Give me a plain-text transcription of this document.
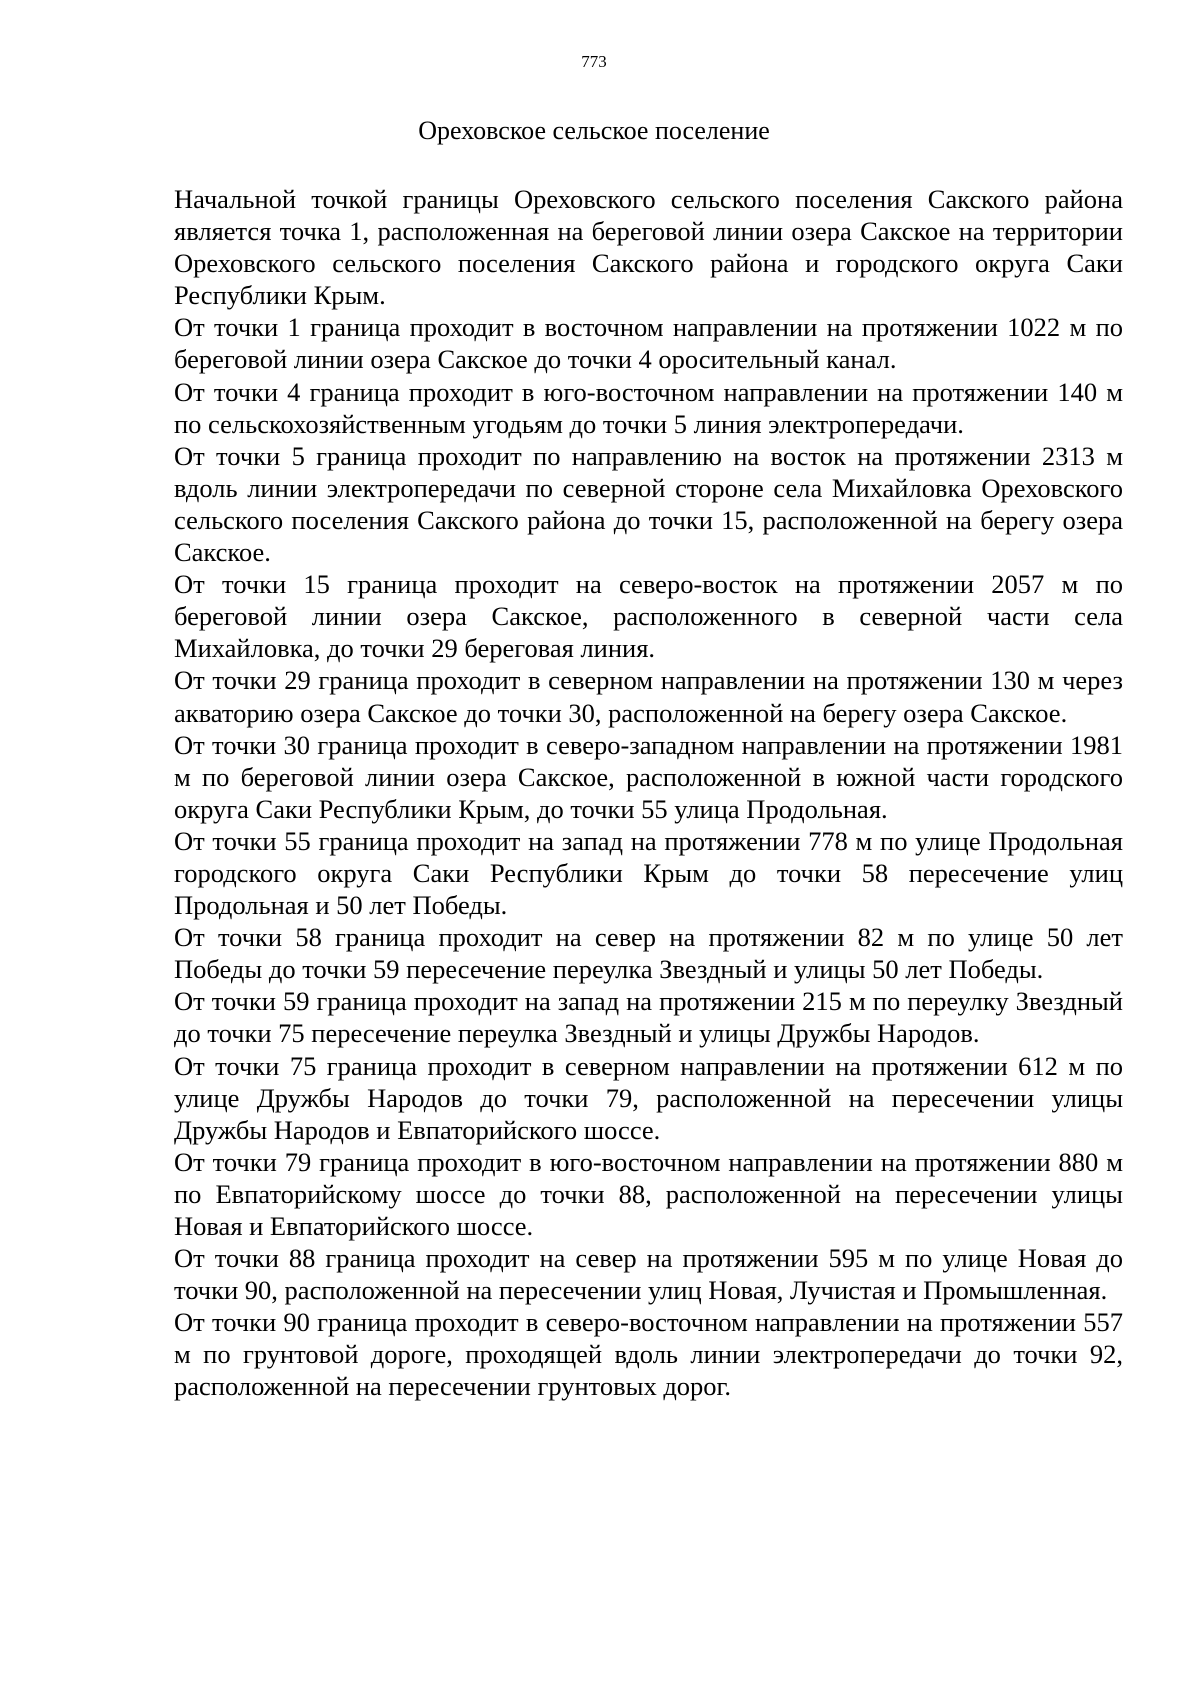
773
Ореховское сельское поселение

Начальной точкой границы Ореховского сельского поселения Сакского района является точка 1, расположенная на береговой линии озера Сакское на территории Ореховского сельского поселения Сакского района и городского округа Саки Республики Крым.

От точки 1 граница проходит в восточном направлении на протяжении 1022 м по береговой линии озера Сакское до точки 4 оросительный канал.

От точки 4 граница проходит в юго-восточном направлении на протяжении 140 м по сельскохозяйственным угодьям до точки 5 линия электропередачи.

От точки 5 граница проходит по направлению на восток на протяжении 2313 м вдоль линии электропередачи по северной стороне села Михайловка Ореховского сельского поселения Сакского района до точки 15, расположенной на берегу озера Сакское.

От точки 15 граница проходит на северо-восток на протяжении 2057 м по береговой линии озера Сакское, расположенного в северной части села Михайловка, до точки 29 береговая линия.

От точки 29 граница проходит в северном направлении на протяжении 130 м через акваторию озера Сакское до точки 30, расположенной на берегу озера Сакское.

От точки 30 граница проходит в северо-западном направлении на протяжении 1981 м по береговой линии озера Сакское, расположенной в южной части городского округа Саки Республики Крым, до точки 55 улица Продольная.

От точки 55 граница проходит на запад на протяжении 778 м по улице Продольная городского округа Саки Республики Крым до точки 58 пересечение улиц Продольная и 50 лет Победы.

От точки 58 граница проходит на север на протяжении 82 м по улице 50 лет Победы до точки 59 пересечение переулка Звездный и улицы 50 лет Победы.

От точки 59 граница проходит на запад на протяжении 215 м по переулку Звездный до точки 75 пересечение переулка Звездный и улицы Дружбы Народов.

От точки 75 граница проходит в северном направлении на протяжении 612 м по улице Дружбы Народов до точки 79, расположенной на пересечении улицы Дружбы Народов и Евпаторийского шоссе.

От точки 79 граница проходит в юго-восточном направлении на протяжении 880 м по Евпаторийскому шоссе до точки 88, расположенной на пересечении улицы Новая и Евпаторийского шоссе.

От точки 88 граница проходит на север на протяжении 595 м по улице Новая до точки 90, расположенной на пересечении улиц Новая, Лучистая и Промышленная.

От точки 90 граница проходит в северо-восточном направлении на протяжении 557 м по грунтовой дороге, проходящей вдоль линии электропередачи до точки 92, расположенной на пересечении грунтовых дорог.
